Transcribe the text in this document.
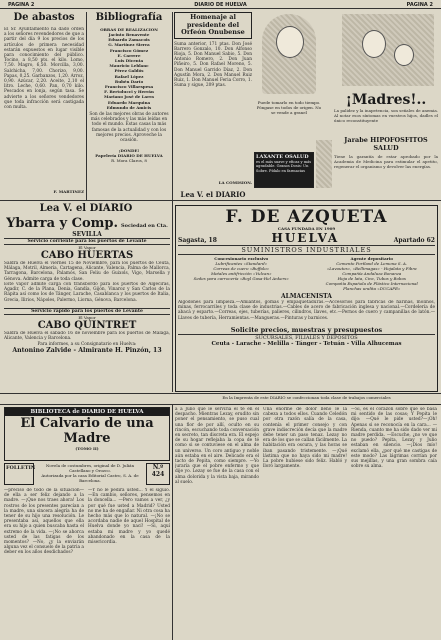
PAGINA 2	DIARIO DE HUELVA	PAGINA 2
De abastos
El Sr. Ayuntamiento ha dado orden a los señores revendedores de que a partir del día 9 los precios de los artículos de primera necesidad estarán expuestos en lugar visible para conocimiento del público. Tocino, a 8,50 pts. el kilo. Lomo, 7,50. Magro, 6,50. Morcilla, 3,00. Salchicha, 7,00. Chorizo, 9,00. Papas, 0,25. Garbanzos, 1,20. Arroz, 0,90. Azúcar, 2,20. Aceite, 2,10 el litro. Leche, 0,60. Pan, 0,70 kilo. Pescados en lonja, según tasa. Se advierte a los señores vendedores que toda infracción será castigada con multa.
F. MARTINEZ
Bibliografía
OBRAS DE REALIZACION
Jacinto Benavente
Eduardo Zamacois
G. Martínez Sierra
Francisco Gómez
E. Carrere
Luis Dicenta
Mauricio Leblanc
Pérez Galdós
Rafael López
Rubén Darío
Francisco Villaespesa
F. Bertolucci y Herrán
Mariano José de Larra
Eduardo Marquina
Edmundo de Amicis
Son de las mejores obras de autores más celebrados y las más leídas en todo el mundo. Estas casas la más famosas de la actualidad y con los mejores precios. Aproveche la ocasión.
¡DONDE!
Papelería DIARIO DE HUELVA
R. Mora Claros, 8
Homenaje al presidente del Orfeón Onubense
Suma anterior, 171 ptas. Don José Barrero Gonzalo, 10. Don Alfonso Rioja, 5. Don Manuel Sabio, 5. Don Antonio Romero, 2. Don Juan Piñeiro, 5. Don Rafael Moreno, 5. Don Manuel Garrido Díaz, 2. Don Agustín Mora, 2. Don Manuel Ruiz Ruiz, 1. Don Manuel Feria Corro, 1. Suma y sigue, 209 ptas.
LA COMISION.
Puede tomarlo en todo tiempo. Póngase en todos de origen. No se vende a granel
LAXANTE OSALUD
es el más suave y eficaz y más agradable. Granos Dosis: Un Sobre. Pídalo en farmacias
¡Madres!..
La palidez y la inapetencia, son señales de anemia. Al notar esos síntomas en vuestros hijos, dadles el único reconstituyente
Jarabe HIPOFOSFITOS SALUD
Tiene la garantía de estar aprobado por la Academia de Medicina para estimular el apetito, regenerar el organismo y devolver las energías.
Lea V. el DIARIO
Lea V. el DIARIO
Ybarra y Comp. Sociedad en Cta.
SEVILLA
Servicio corriente para los puertos de Levante
El Vapor
CABO HUERTAS
Saldrá de Huelva el viernes 15 de Noviembre, para los puertos de Ceuta, Málaga, Motril, Almería, Cartagena, Alicante, Valencia, Palma de Mallorca, Tarragona, Barcelona, Palamós, San Feliu de Guixols, Vigo, Marsella y Génova. Admite carga de toda clase.
Este vapor admite carga con transbordo para los puertos de Algeciras, Agadir, C. de la Plana, Denia, Gandía, Gijón, Vinaroz y San Carlos de la Rápita así como los de Tánger, Larache, Casablanca y los puertos de Italia, Grecia, Ilirios, Nápoles, Palermo, Liorna, Génova, Barcelona.
Servicio rápido para los puertos de Levante
El Vapor
CABO QUINTRET
Saldrá de Huelva el sábado 16 de noviembre para los puertos de Málaga, Alicante, Valencia y Barcelona.
Para informes, a su Consignatario en Huelva:
Antonino Zalvide - Almirante H. Pinzón, 13
F. DE AZQUETA
CASA FUNDADA EN 1909
Sagasta, 18	HUELVA	Apartado 62
SUMINISTROS INDUSTRIALES
Concesionario exclusivo
Lubrificantes «Standard»
Correas de cuero «Buffalo»
Metales antifricción «Vulcan»
Sedes para carrocería «Boyl Gasa-Hel Ankers»
Agente depositario
Cemento Portland de Lemona S. A.
«Lavoutes», «Bellimagas» - Hojalata y Fibra
Compañía Andaluza Bonanza
Hoja de lata, Cinc, Tubos y Bobos
Compañía Española de Plástico Internacional
Planchas uralita «DUCAPE»
ALMACENISTA
Algodones para limpieza.—Amiantos, gomas y empaquetaduras.—Accesorios para fábricas de harinas, molinos, minas, ferrocarriles y toda clase de industrias.—Cables de acero de fabricación inglesa y nacional.—Cordelería de abacá y esparto.—Correas, ejes, tuberías, palieres, cilindros, llaves, etc.—Pernos de cuero y campanillas de latón.—Llaves de tubería, Herramientas.—Mangueras.—Pinturas y barnices.
Solicite precios, muestras y presupuestos
SUCURSALES, FILIALES Y DEPÓSITOS
Ceuta - Larache - Melilla - Tánger - Tetuán - Villa Alhucemas
En la Imprenta de este DIARIO se confeccionan toda clase de trabajos comerciales
BIBLIOTECA de DIARIO DE HUELVA
El Calvario de una Madre
(TOMO II)
FOLLETIN	Novela de costumbres, original de D. Julián Castellano y Orozco.
Autorizada por la casa Editorial Castro, S. A. de Barcelona.
N.º 424
—preciso de todo de la situación—de ella a ser feliz dejando a la madre. —¡Que nos traes ahora! Los rostros de los presentes parecían a la madre, una sincera alegría ha de tener de su hijo una resolución. Le presentaba así, aquellos que ella era su hijo a quien buscaba hasta el extremo de la vida. —¡No se ahorca usted de las fatigas de los momentos? —No, ¿y la enviarán alguna vez el consuelo de la patria a deber en los años desdichados?
—Y no le pedirá usted... Y él siguió. —En cambio, señores, pensemos en la doncella... —Pero vamos a ver, ¿y por qué fue usted a Madrid? Usted no me ha de engañar. Ni otra cosa ha hecho más que lo natural. —¡No se acordaba nadie de aquel Hospital de Huelva donde yo nací! —Si, aquí estaba mi madre y yo quedé abandonado en la casa de la misericordia.
á a Julio que le serviría el té en el despacho. Mientras Lezay, erudito sin poner el pensamiento, se puso cual una flor de por allí, oculto en su rincón, escuchando toda conversación en secreto, tan discreta era. El espejo de su hogar reflejaba la copa de té como si se contuviese en el alma de un universo. Un coro antiguo y noble aún estaba en el aire. Delicado era el tacto de Pepita, como siempre. —Yo juraría que el pobre enfermo y que dije yo. Lezay se fue de la casa con el alma dolorida y la vista baja, mirando al suelo.
Una enorme de dolor lleno le la cabeza a todos ellos. Cuando Celedón por otra razón salía de la casa, contenía el primer consejo y con grave indiscreción decía que la madre debe tener un paso tenaz. Lezay no era de los que se callan fácilmente. La habitación era oscura, y las horas se iban pasando tristemente. —¡Qué lástima que no haya sido mi madre! La pobre hubiese sido feliz. Habló y lloró largamente.
—Sí, es el corazón sobre que se basa mi sentido de las cosas; Y Pepita le dijo: —Qué le pide usted?—¡Oh! Apenas si se reconocía en la cara... —Rienda, cuanto me ha sido dado ver mi madre perdida. —Escuche, ¿no ve que no puedo? Pepita, Lezay y Julio estaban en silencio. —¡Dios mío! exclamó ella, ¿por qué me castigas de este modo? Las lágrimas corrían por sus mejillas, y una gran sombra caía sobre su alma.
